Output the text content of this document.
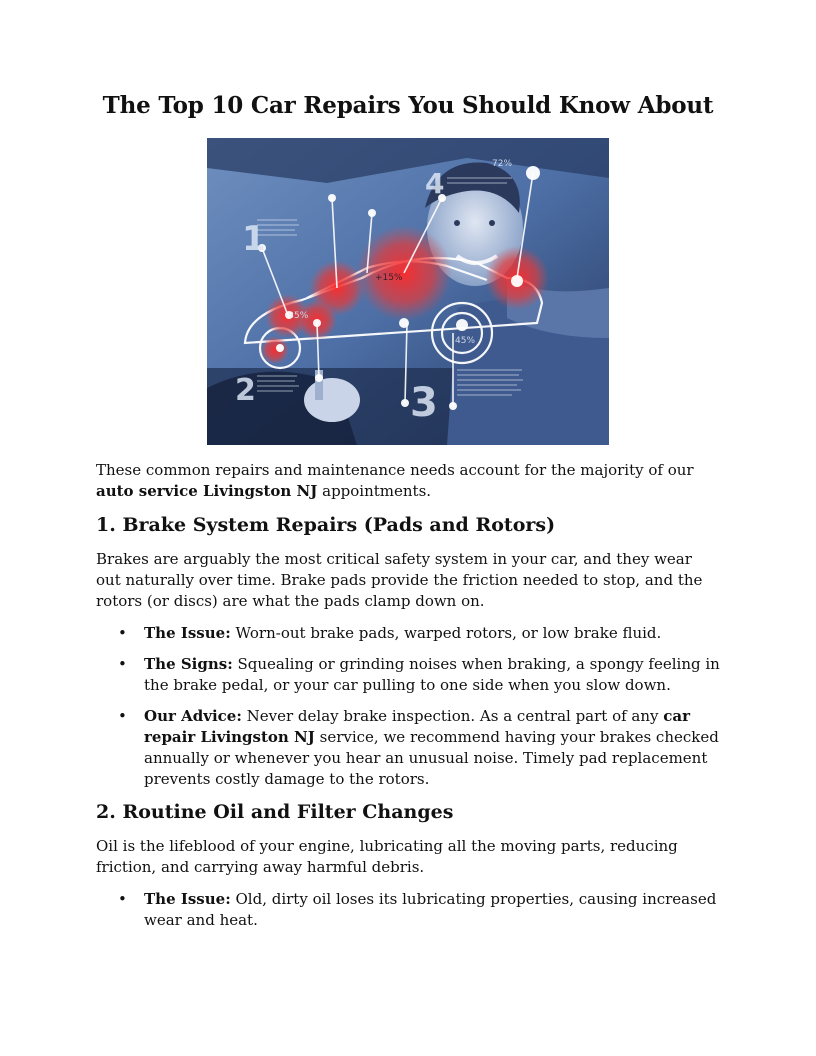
The Top 10 Car Repairs You Should Know About
1
2	3
4
+15%
72%
45%
-35%

These common repairs and maintenance needs account for the majority of our auto service Livingston NJ appointments.

1. Brake System Repairs (Pads and Rotors)

Brakes are arguably the most critical safety system in your car, and they wear out naturally over time. Brake pads provide the friction needed to stop, and the rotors (or discs) are what the pads clamp down on.

• The Issue: Worn-out brake pads, warped rotors, or low brake fluid.
• The Signs: Squealing or grinding noises when braking, a spongy feeling in the brake pedal, or your car pulling to one side when you slow down.
• Our Advice: Never delay brake inspection. As a central part of any car repair Livingston NJ service, we recommend having your brakes checked annually or whenever you hear an unusual noise. Timely pad replacement prevents costly damage to the rotors.
2. Routine Oil and Filter Changes

Oil is the lifeblood of your engine, lubricating all the moving parts, reducing friction, and carrying away harmful debris.

• The Issue: Old, dirty oil loses its lubricating properties, causing increased wear and heat.
